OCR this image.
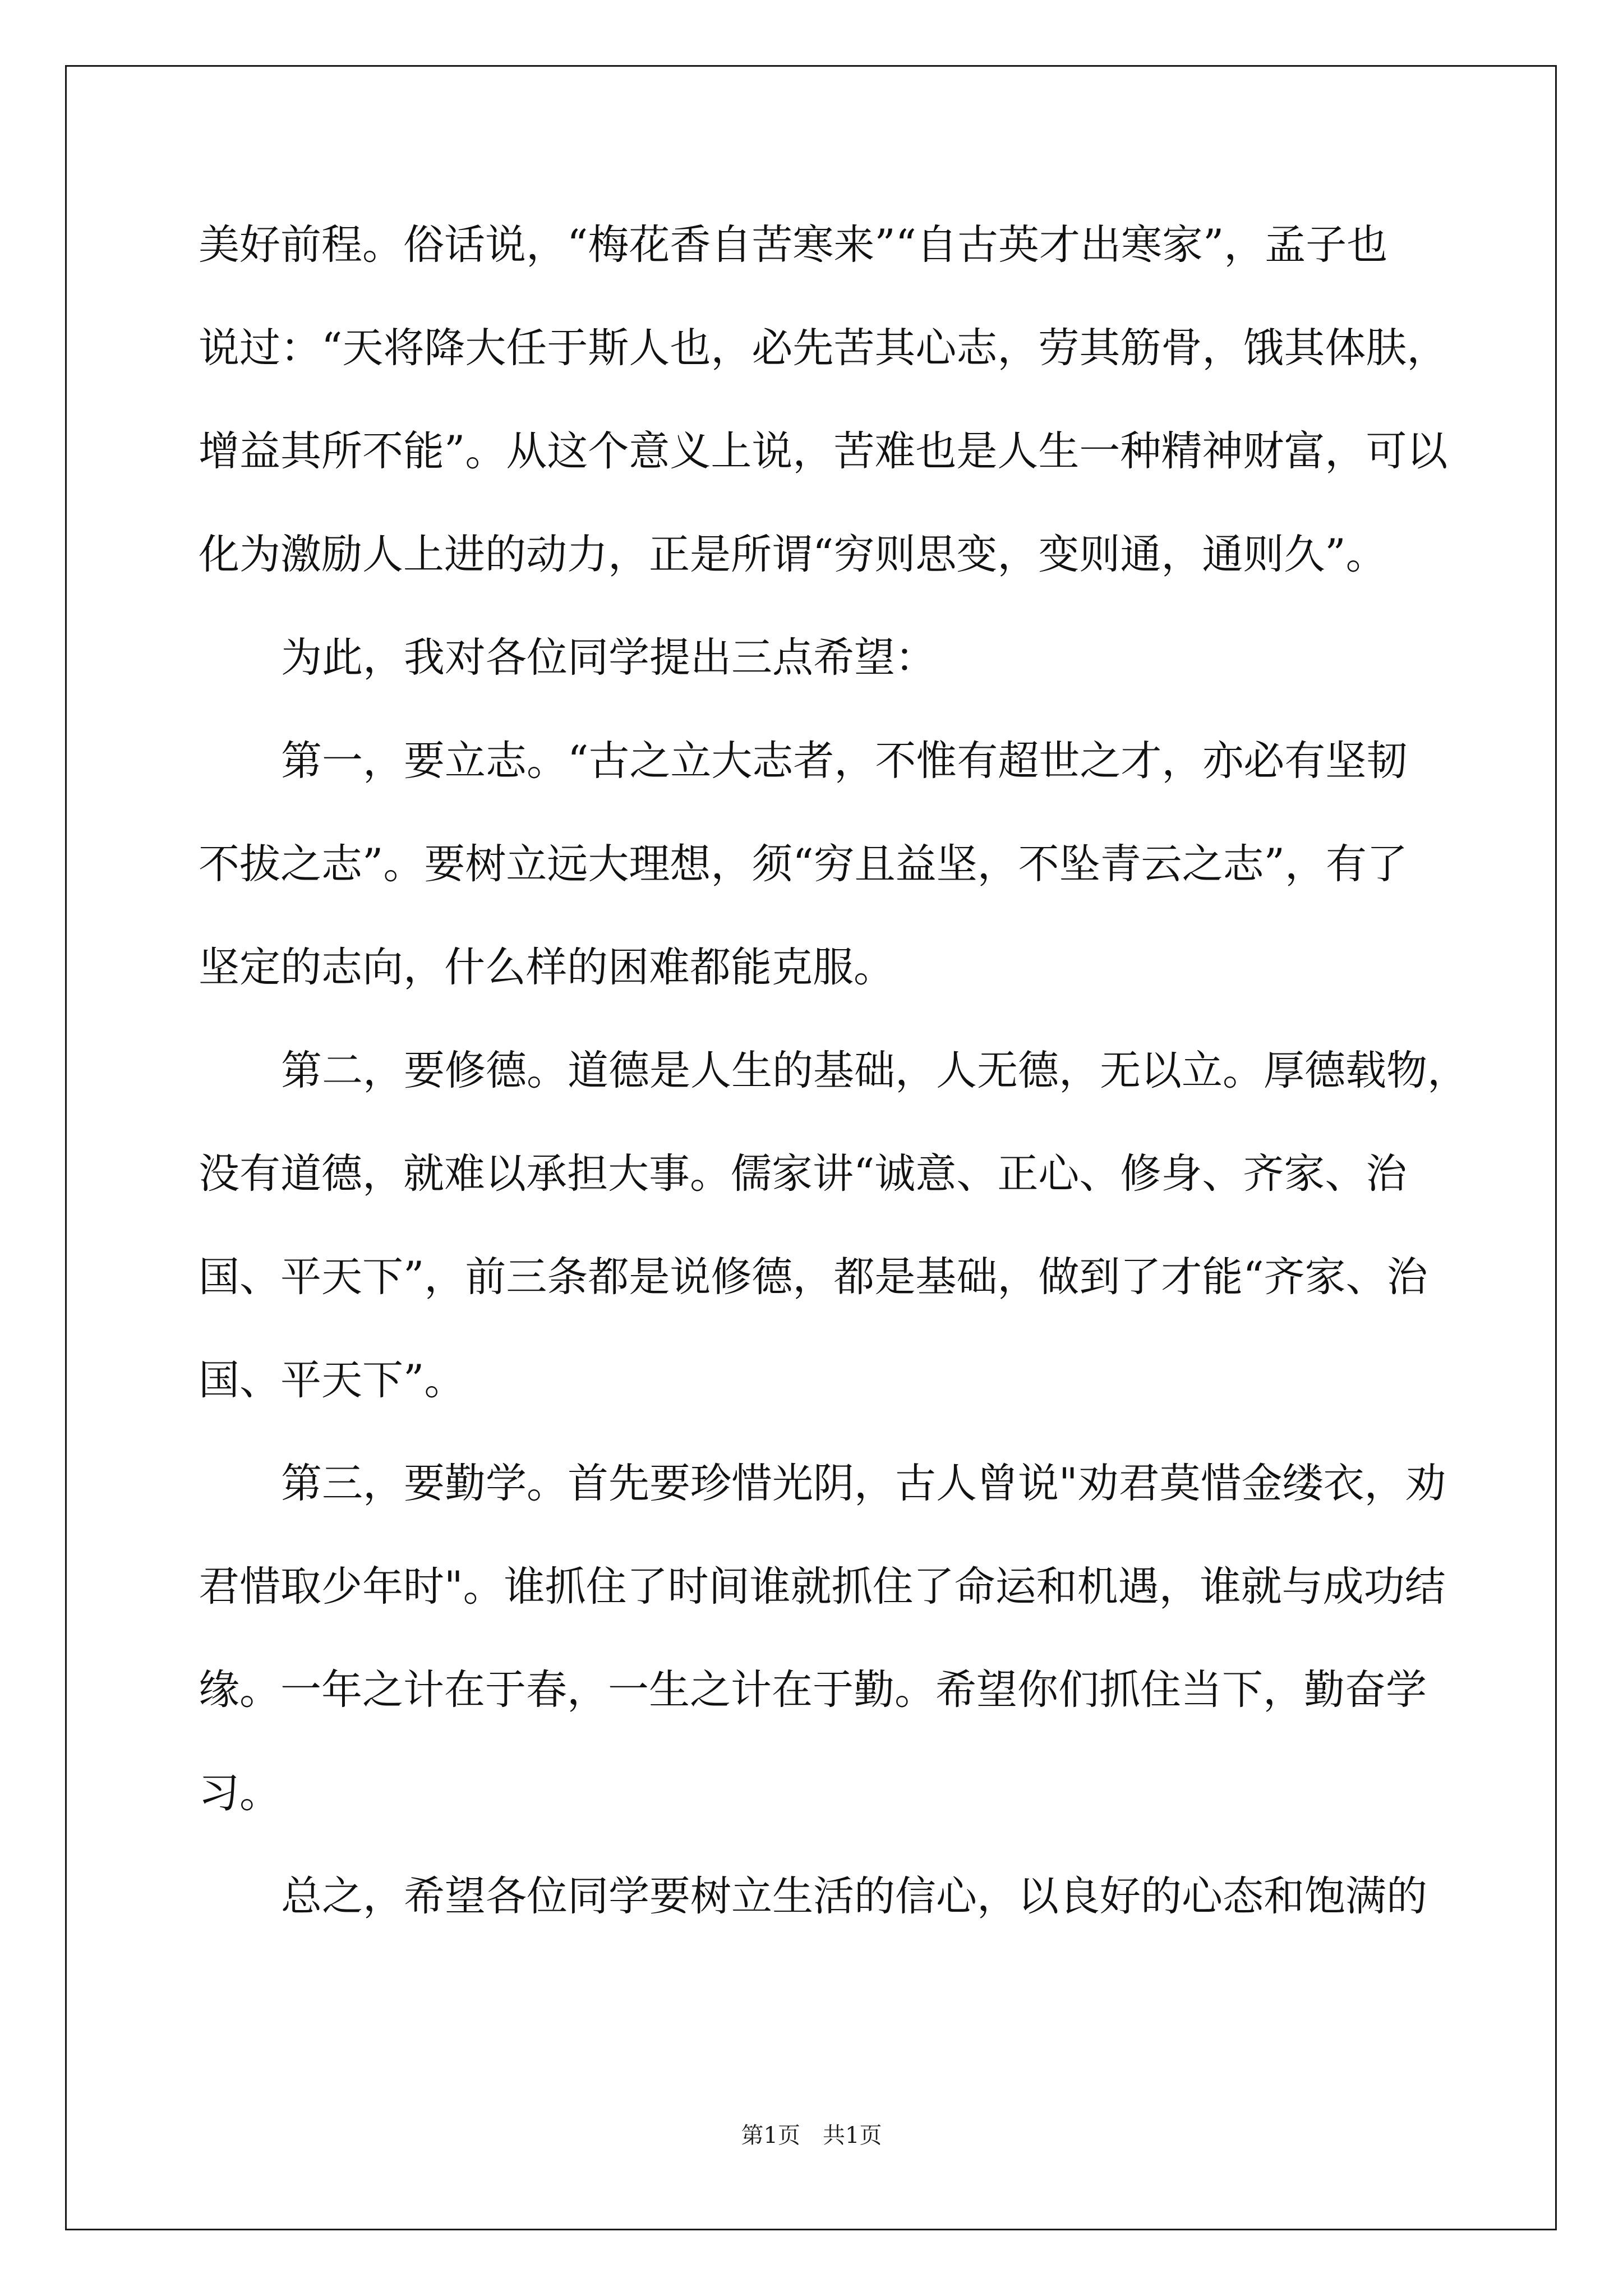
美好前程。俗话说，“梅花香自苦寒来”“自古英才出寒家”，孟子也
说过：“天将降大任于斯人也，必先苦其心志，劳其筋骨，饿其体肤，
增益其所不能”。从这个意义上说，苦难也是人生一种精神财富，可以
化为激励人上进的动力，正是所谓“穷则思变，变则通，通则久”。
为此，我对各位同学提出三点希望：
第一，要立志。“古之立大志者，不惟有超世之才，亦必有坚韧
不拔之志”。要树立远大理想，须“穷且益坚，不坠青云之志”，有了
坚定的志向，什么样的困难都能克服。
第二，要修德。道德是人生的基础，人无德，无以立。厚德载物，
没有道德，就难以承担大事。儒家讲“诚意、正心、修身、齐家、治
国、平天下”，前三条都是说修德，都是基础，做到了才能“齐家、治
国、平天下”。
第三，要勤学。首先要珍惜光阴，古人曾说"劝君莫惜金缕衣，劝
君惜取少年时"。谁抓住了时间谁就抓住了命运和机遇，谁就与成功结
缘。一年之计在于春，一生之计在于勤。希望你们抓住当下，勤奋学
习。
总之，希望各位同学要树立生活的信心，以良好的心态和饱满的
第1页　共1页
